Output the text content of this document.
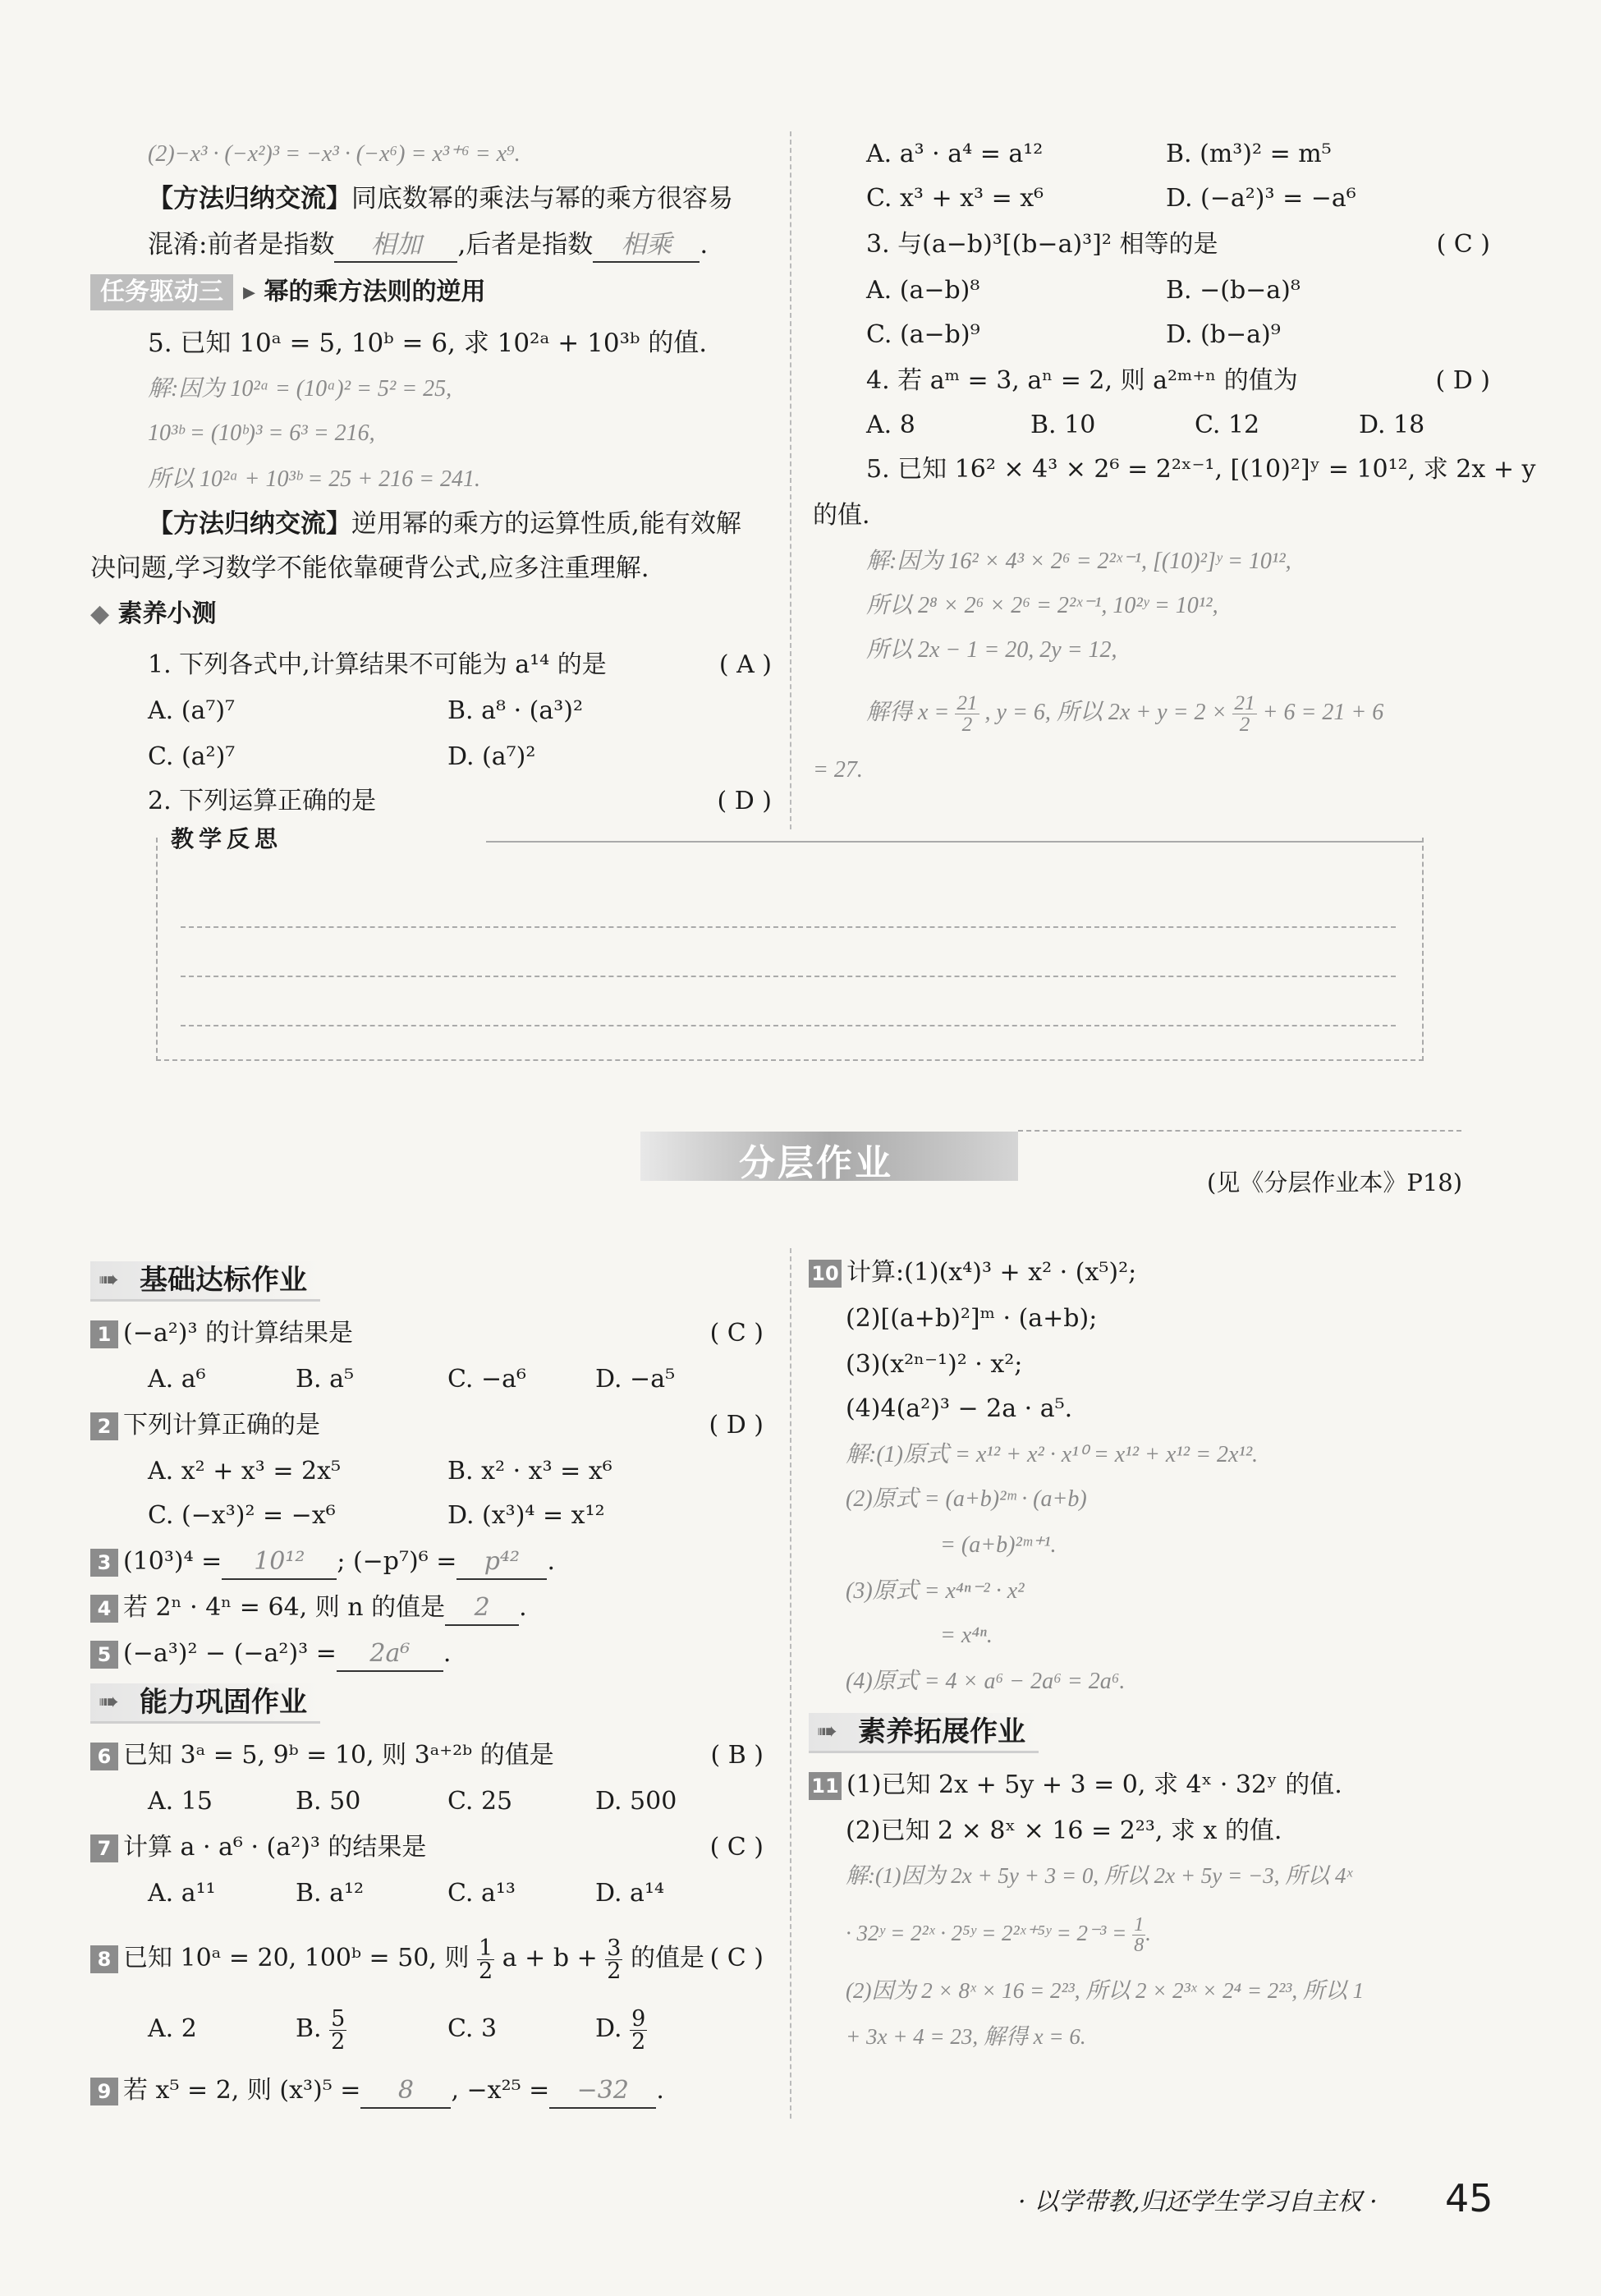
(2)−x³ · (−x²)³ = −x³ · (−x⁶) = x³⁺⁶ = x⁹.
【方法归纳交流】同底数幂的乘法与幂的乘方很容易
混淆:前者是指数 相加 ,后者是指数 相乘 .
任务驱动三 ▸ 幂的乘方法则的逆用
5. 已知 10ᵃ = 5, 10ᵇ = 6, 求 10²ᵃ + 10³ᵇ 的值.
解:因为 10²ᵃ = (10ᵃ)² = 5² = 25,
10³ᵇ = (10ᵇ)³ = 6³ = 216,
所以 10²ᵃ + 10³ᵇ = 25 + 216 = 241.
【方法归纳交流】逆用幂的乘方的运算性质,能有效解
决问题,学习数学不能依靠硬背公式,应多注重理解.
◆ 素养小测
1. 下列各式中,计算结果不可能为 a¹⁴ 的是	( A )
A. (a⁷)⁷	B. a⁸ · (a³)²
C. (a²)⁷	D. (a⁷)²
2. 下列运算正确的是	( D )
A. a³ · a⁴ = a¹²	B. (m³)² = m⁵
C. x³ + x³ = x⁶	D. (−a²)³ = −a⁶
3. 与(a−b)³[(b−a)³]² 相等的是	( C )
A. (a−b)⁸	B. −(b−a)⁸
C. (a−b)⁹	D. (b−a)⁹
4. 若 aᵐ = 3, aⁿ = 2, 则 a²ᵐ⁺ⁿ 的值为	( D )
A. 8	B. 10	C. 12	D. 18
5. 已知 16² × 4³ × 2⁶ = 2²ˣ⁻¹, [(10)²]ʸ = 10¹², 求 2x + y
的值.
解:因为 16² × 4³ × 2⁶ = 2²ˣ⁻¹, [(10)²]ʸ = 10¹²,
所以 2⁸ × 2⁶ × 2⁶ = 2²ˣ⁻¹, 10²ʸ = 10¹²,
所以 2x − 1 = 20, 2y = 12,
解得 $x = \frac{21}{2}$ , y = 6, 所以 $2x + y = 2 \times \frac{21}{2} + 6 = 21 + 6$
= 27.
教学反思
分层作业	(见《分层作业本》P18)
➠ 基础达标作业
1 (−a²)³ 的计算结果是	( C )
A. a⁶	B. a⁵	C. −a⁶	D. −a⁵
2 下列计算正确的是	( D )
A. x² + x³ = 2x⁵	B. x² · x³ = x⁶
C. (−x³)² = −x⁶	D. (x³)⁴ = x¹²
3 (10³)⁴ = 10¹² ; (−p⁷)⁶ = p⁴² .
4 若 2ⁿ · 4ⁿ = 64, 则 n 的值是 2 .
5 (−a³)² − (−a²)³ = 2a⁶ .
➠ 能力巩固作业
6 已知 3ᵃ = 5, 9ᵇ = 10, 则 3ᵃ⁺²ᵇ 的值是	( B )
A. 15	B. 50	C. 25	D. 500
7 计算 a · a⁶ · (a²)³ 的结果是	( C )
A. a¹¹	B. a¹²	C. a¹³	D. a¹⁴
8 已知 10ᵃ = 20, 100ᵇ = 50, 则 $\frac{1}{2}$ $a + b + \frac{3}{2}$ 的值是 ( C )
A. 2	B. $\frac{5}{2}$	C. 3	D. $\frac{9}{2}$
9 若 x⁵ = 2, 则 (x³)⁵ = 8 , −x²⁵ = −32 .
10 计算:(1)(x⁴)³ + x² · (x⁵)²;
(2)[(a+b)²]ᵐ · (a+b);
(3)(x²ⁿ⁻¹)² · x²;
(4)4(a²)³ − 2a · a⁵.
解:(1)原式 = x¹² + x² · x¹⁰ = x¹² + x¹² = 2x¹².
(2)原式 = (a+b)²ᵐ · (a+b)
= (a+b)²ᵐ⁺¹.
(3)原式 = x⁴ⁿ⁻² · x²
= x⁴ⁿ.
(4)原式 = 4 × a⁶ − 2a⁶ = 2a⁶.
➠ 素养拓展作业
11 (1)已知 2x + 5y + 3 = 0, 求 4ˣ · 32ʸ 的值.
(2)已知 2 × 8ˣ × 16 = 2²³, 求 x 的值.
解:(1)因为 2x + 5y + 3 = 0, 所以 2x + 5y = −3, 所以 4ˣ
· 32ʸ = 2²ˣ · 2⁵ʸ = 2²ˣ⁺⁵ʸ = $2^{-3} = \frac{1}{8}$ .
(2)因为 2 × 8ˣ × 16 = 2²³, 所以 2 × 2³ˣ × 2⁴ = 2²³, 所以 1
+ 3x + 4 = 23, 解得 x = 6.
· 以学带教,归还学生学习自主权 · 45
